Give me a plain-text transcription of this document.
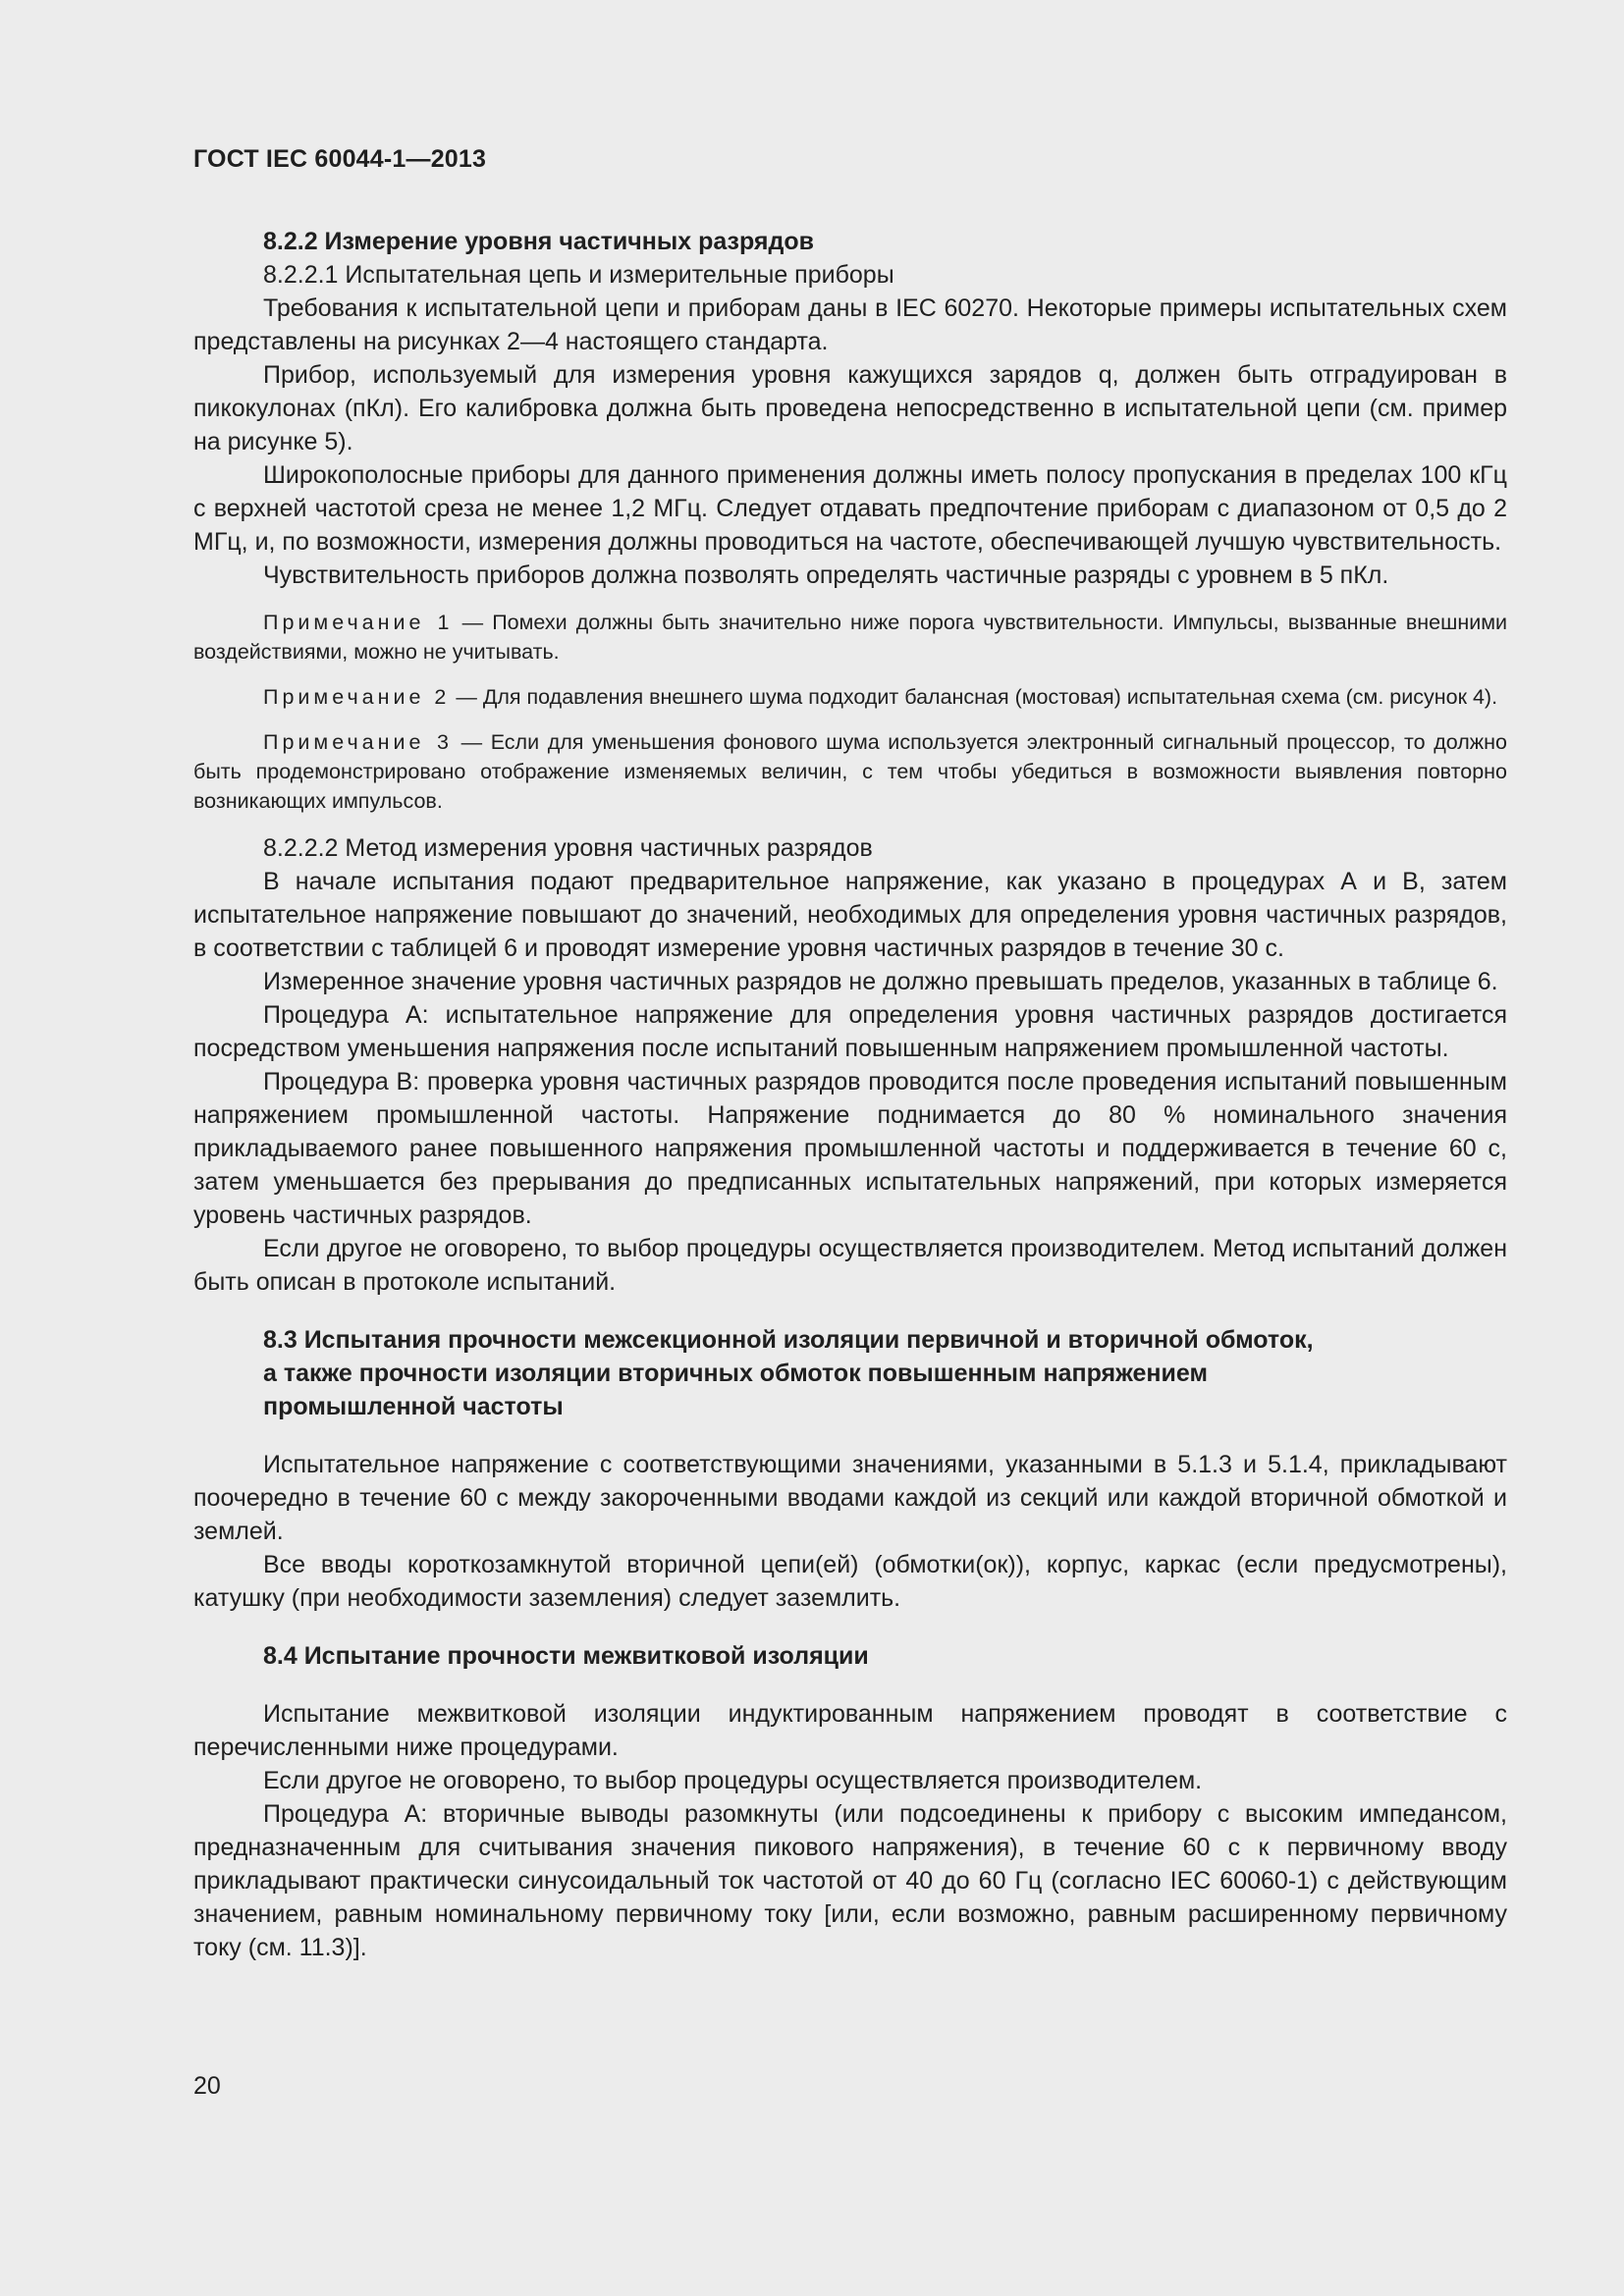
ГОСТ IEC 60044-1—2013

8.2.2 Измерение уровня частичных разрядов

8.2.2.1 Испытательная цепь и измерительные приборы

Требования к испытательной цепи и приборам даны в IEC 60270. Некоторые примеры испытательных схем представлены на рисунках 2—4 настоящего стандарта.

Прибор, используемый для измерения уровня кажущихся зарядов q, должен быть отградуирован в пикокулонах (пКл). Его калибровка должна быть проведена непосредственно в испытательной цепи (см. пример на рисунке 5).

Широкополосные приборы для данного применения должны иметь полосу пропускания в пределах 100 кГц с верхней частотой среза не менее 1,2 МГц. Следует отдавать предпочтение приборам с диапазоном от 0,5 до 2 МГц, и, по возможности, измерения должны проводиться на частоте, обеспечивающей лучшую чувствительность.

Чувствительность приборов должна позволять определять частичные разряды с уровнем в 5 пКл.

Примечание 1 — Помехи должны быть значительно ниже порога чувствительности. Импульсы, вызванные внешними воздействиями, можно не учитывать.

Примечание 2 — Для подавления внешнего шума подходит балансная (мостовая) испытательная схема (см. рисунок 4).

Примечание 3 — Если для уменьшения фонового шума используется электронный сигнальный процессор, то должно быть продемонстрировано отображение изменяемых величин, с тем чтобы убедиться в возможности выявления повторно возникающих импульсов.

8.2.2.2 Метод измерения уровня частичных разрядов

В начале испытания подают предварительное напряжение, как указано в процедурах А и В, затем испытательное напряжение повышают до значений, необходимых для определения уровня частичных разрядов, в соответствии с таблицей 6 и проводят измерение уровня частичных разрядов в течение 30 с.

Измеренное значение уровня частичных разрядов не должно превышать пределов, указанных в таблице 6.

Процедура А: испытательное напряжение для определения уровня частичных разрядов достигается посредством уменьшения напряжения после испытаний повышенным напряжением промышленной частоты.

Процедура В: проверка уровня частичных разрядов проводится после проведения испытаний повышенным напряжением промышленной частоты. Напряжение поднимается до 80 % номинального значения прикладываемого ранее повышенного напряжения промышленной частоты и поддерживается в течение 60 с, затем уменьшается без прерывания до предписанных испытательных напряжений, при которых измеряется уровень частичных разрядов.

Если другое не оговорено, то выбор процедуры осуществляется производителем. Метод испытаний должен быть описан в протоколе испытаний.

8.3 Испытания прочности межсекционной изоляции первичной и вторичной обмоток,
а также прочности изоляции вторичных обмоток повышенным напряжением
промышленной частоты

Испытательное напряжение с соответствующими значениями, указанными в 5.1.3 и 5.1.4, прикладывают поочередно в течение 60 с между закороченными вводами каждой из секций или каждой вторичной обмоткой и землей.

Все вводы короткозамкнутой вторичной цепи(ей) (обмотки(ок)), корпус, каркас (если предусмотрены), катушку (при необходимости заземления) следует заземлить.

8.4 Испытание прочности межвитковой изоляции

Испытание межвитковой изоляции индуктированным напряжением проводят в соответствие с перечисленными ниже процедурами.

Если другое не оговорено, то выбор процедуры осуществляется производителем.

Процедура А: вторичные выводы разомкнуты (или подсоединены к прибору с высоким импедансом, предназначенным для считывания значения пикового напряжения), в течение 60 с к первичному вводу прикладывают практически синусоидальный ток частотой от 40 до 60 Гц (согласно IEC 60060-1) с действующим значением, равным номинальному первичному току [или, если возможно, равным расширенному первичному току (см. 11.3)].

20
